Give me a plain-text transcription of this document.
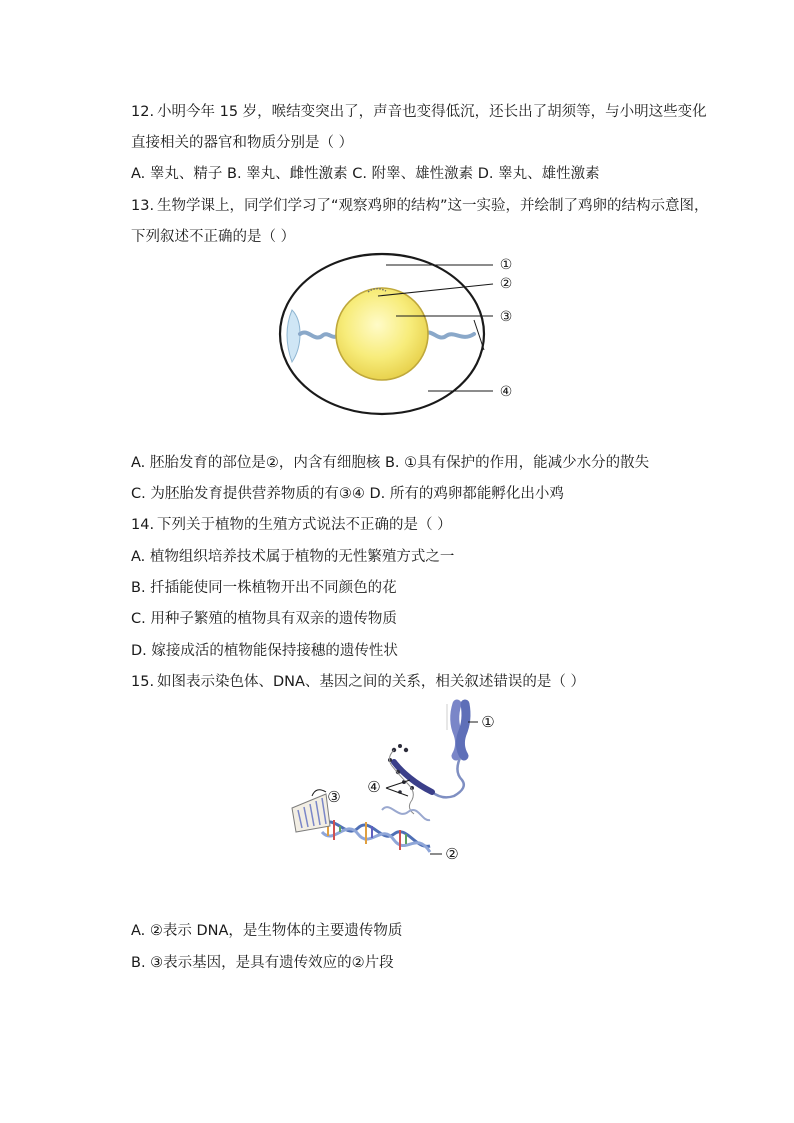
12. 小明今年 15 岁，喉结变突出了，声音也变得低沉，还长出了胡须等，与小明这些变化
直接相关的器官和物质分别是（ ）
A. 睾丸、精子 B. 睾丸、雌性激素 C. 附睾、雄性激素 D. 睾丸、雄性激素
13. 生物学课上，同学们学习了“观察鸡卵的结构”这一实验，并绘制了鸡卵的结构示意图，
下列叙述不正确的是（ ）
①
②
③
④
A. 胚胎发育的部位是②，内含有细胞核 B. ①具有保护的作用，能减少水分的散失
C. 为胚胎发育提供营养物质的有③④ D. 所有的鸡卵都能孵化出小鸡
14. 下列关于植物的生殖方式说法不正确的是（ ）
A. 植物组织培养技术属于植物的无性繁殖方式之一
B. 扦插能使同一株植物开出不同颜色的花
C. 用种子繁殖的植物具有双亲的遗传物质
D. 嫁接成活的植物能保持接穗的遗传性状
15. 如图表示染色体、DNA、基因之间的关系，相关叙述错误的是（ ）
①
②
③
④
A. ②表示 DNA，是生物体的主要遗传物质
B. ③表示基因，是具有遗传效应的②片段
